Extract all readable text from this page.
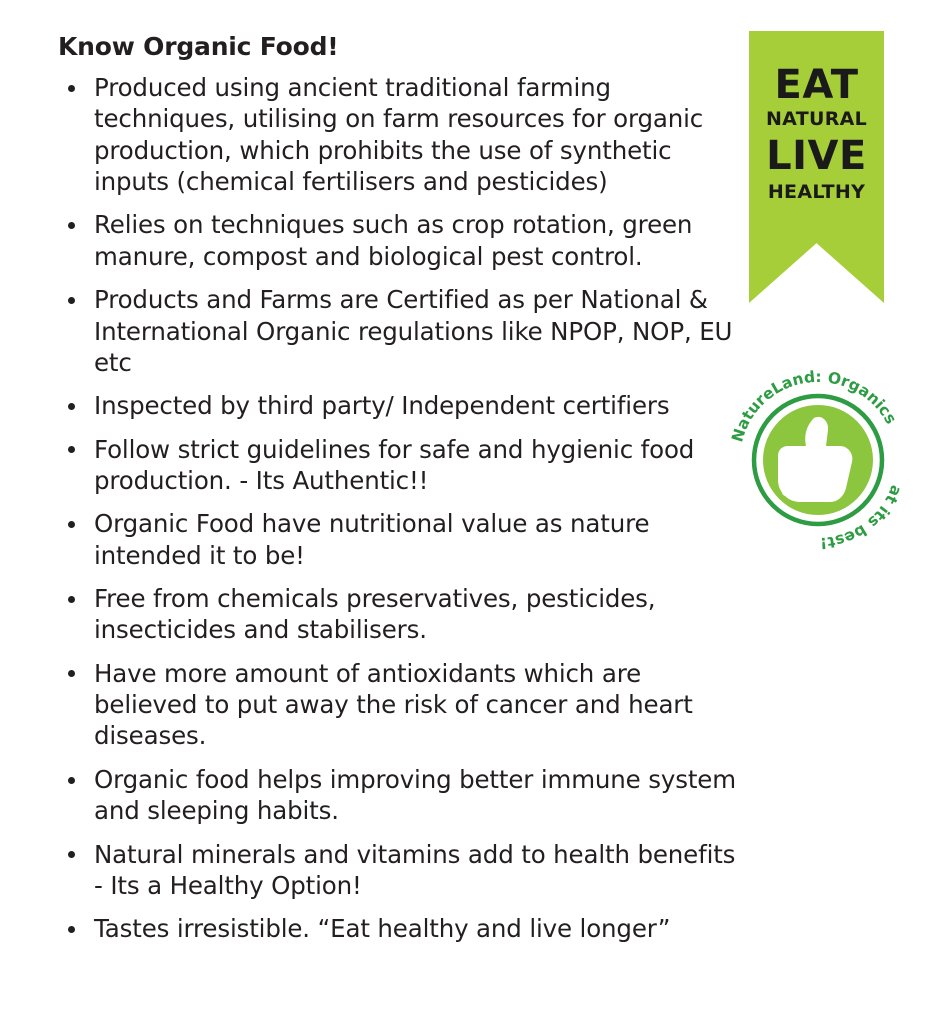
Know Organic Food!
Produced using ancient traditional farming techniques, utilising on farm resources for organic production, which prohibits the use of synthetic inputs (chemical fertilisers and pesticides)
Relies on techniques such as crop rotation, green manure, compost and biological pest control.
Products and Farms are Certified as per National & International Organic regulations like NPOP, NOP, EU etc
Inspected by third party/ Independent certifiers
Follow strict guidelines for safe and hygienic food production. - Its Authentic!!
Organic Food have nutritional value as nature intended it to be!
Free from chemicals preservatives, pesticides, insecticides and stabilisers.
Have more amount of antioxidants which are believed to put away the risk of cancer and heart diseases.
Organic food helps improving better immune system and sleeping habits.
Natural minerals and vitamins add to health benefits - Its a Healthy Option!
Tastes irresistible. “Eat healthy and live longer”
EAT
NATURAL
LIVE
HEALTHY
NatureLand: Organics
at its best!
